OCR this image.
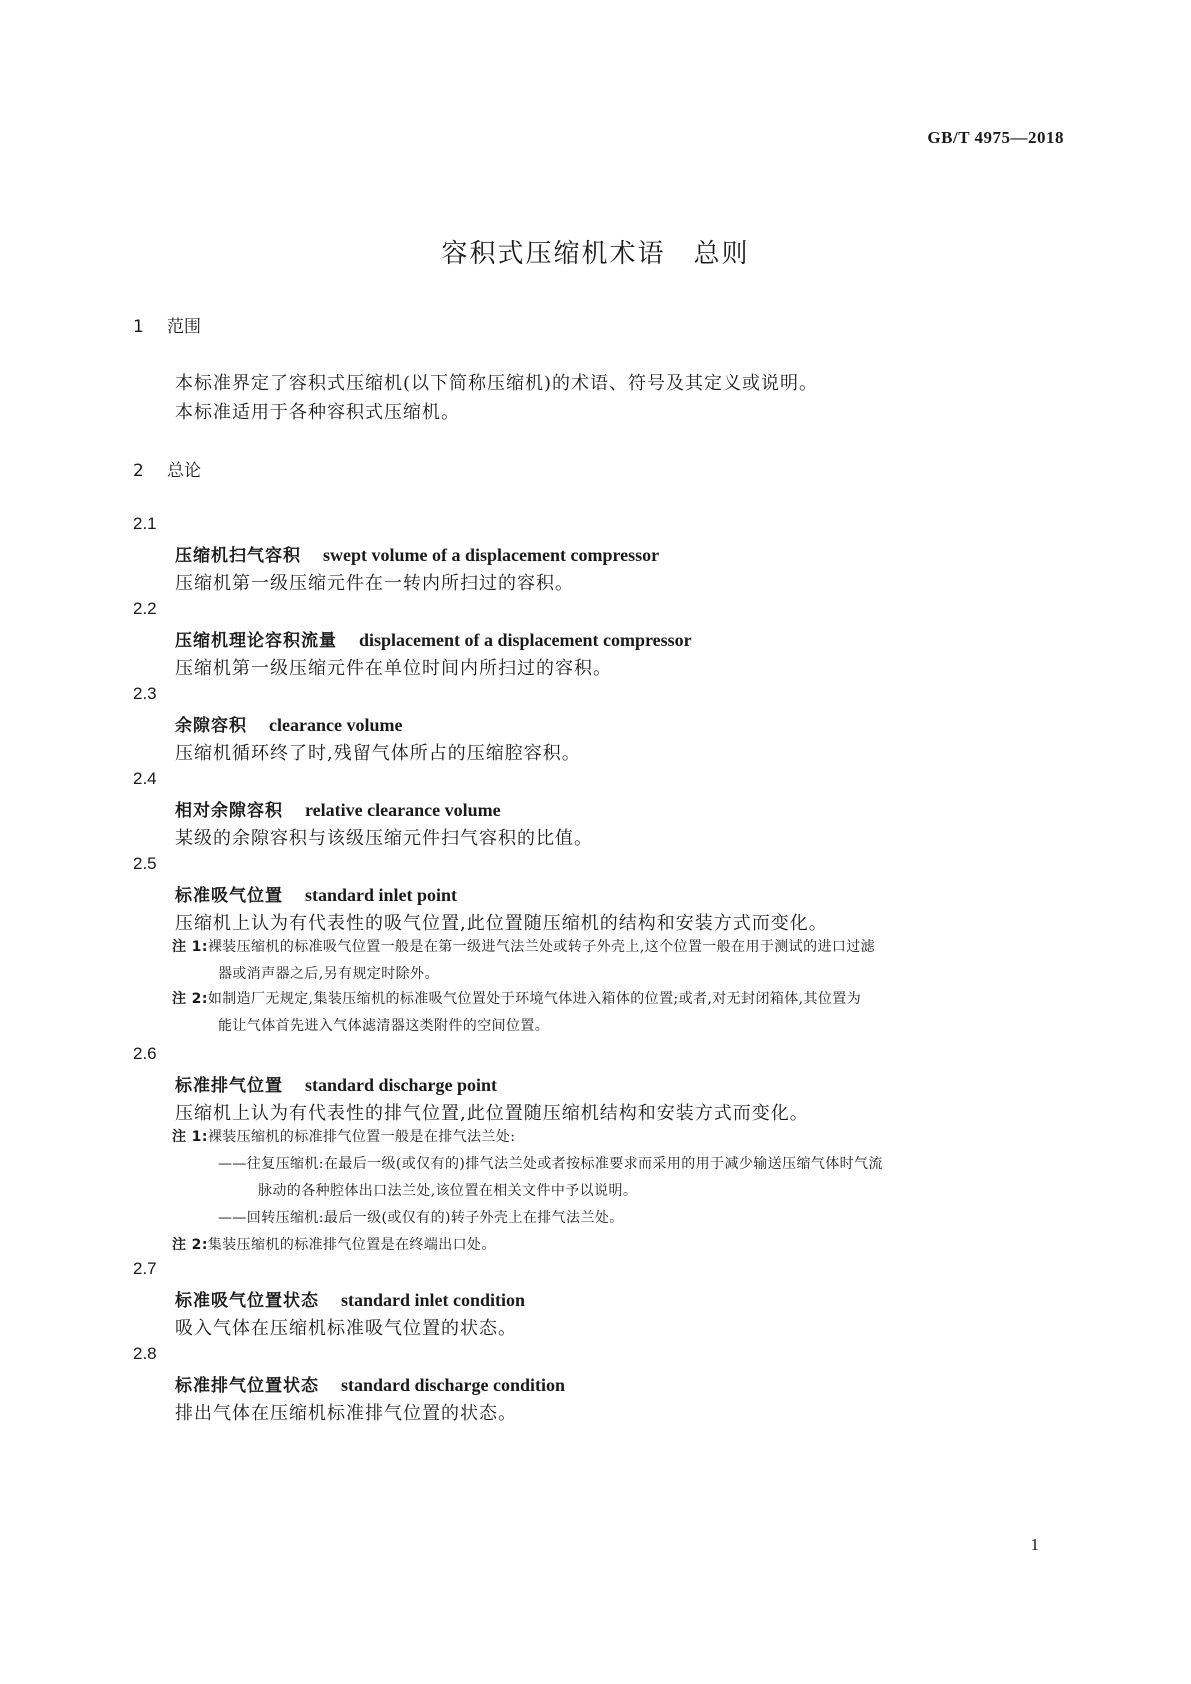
GB/T 4975—2018
容积式压缩机术语　总则
1 范围
本标准界定了容积式压缩机(以下简称压缩机)的术语、符号及其定义或说明。
本标准适用于各种容积式压缩机。
2 总论
2.1
压缩机扫气容积 swept volume of a displacement compressor
压缩机第一级压缩元件在一转内所扫过的容积。
2.2
压缩机理论容积流量 displacement of a displacement compressor
压缩机第一级压缩元件在单位时间内所扫过的容积。
2.3
余隙容积 clearance volume
压缩机循环终了时,残留气体所占的压缩腔容积。
2.4
相对余隙容积 relative clearance volume
某级的余隙容积与该级压缩元件扫气容积的比值。
2.5
标准吸气位置 standard inlet point
压缩机上认为有代表性的吸气位置,此位置随压缩机的结构和安装方式而变化。
注 1:裸装压缩机的标准吸气位置一般是在第一级进气法兰处或转子外壳上,这个位置一般在用于测试的进口过滤
器或消声器之后,另有规定时除外。
注 2:如制造厂无规定,集装压缩机的标准吸气位置处于环境气体进入箱体的位置;或者,对无封闭箱体,其位置为
能让气体首先进入气体滤清器这类附件的空间位置。
2.6
标准排气位置 standard discharge point
压缩机上认为有代表性的排气位置,此位置随压缩机结构和安装方式而变化。
注 1:裸装压缩机的标准排气位置一般是在排气法兰处:
——往复压缩机:在最后一级(或仅有的)排气法兰处或者按标准要求而采用的用于减少输送压缩气体时气流
脉动的各种腔体出口法兰处,该位置在相关文件中予以说明。
——回转压缩机:最后一级(或仅有的)转子外壳上在排气法兰处。
注 2:集装压缩机的标准排气位置是在终端出口处。
2.7
标准吸气位置状态 standard inlet condition
吸入气体在压缩机标准吸气位置的状态。
2.8
标准排气位置状态 standard discharge condition
排出气体在压缩机标准排气位置的状态。
1
